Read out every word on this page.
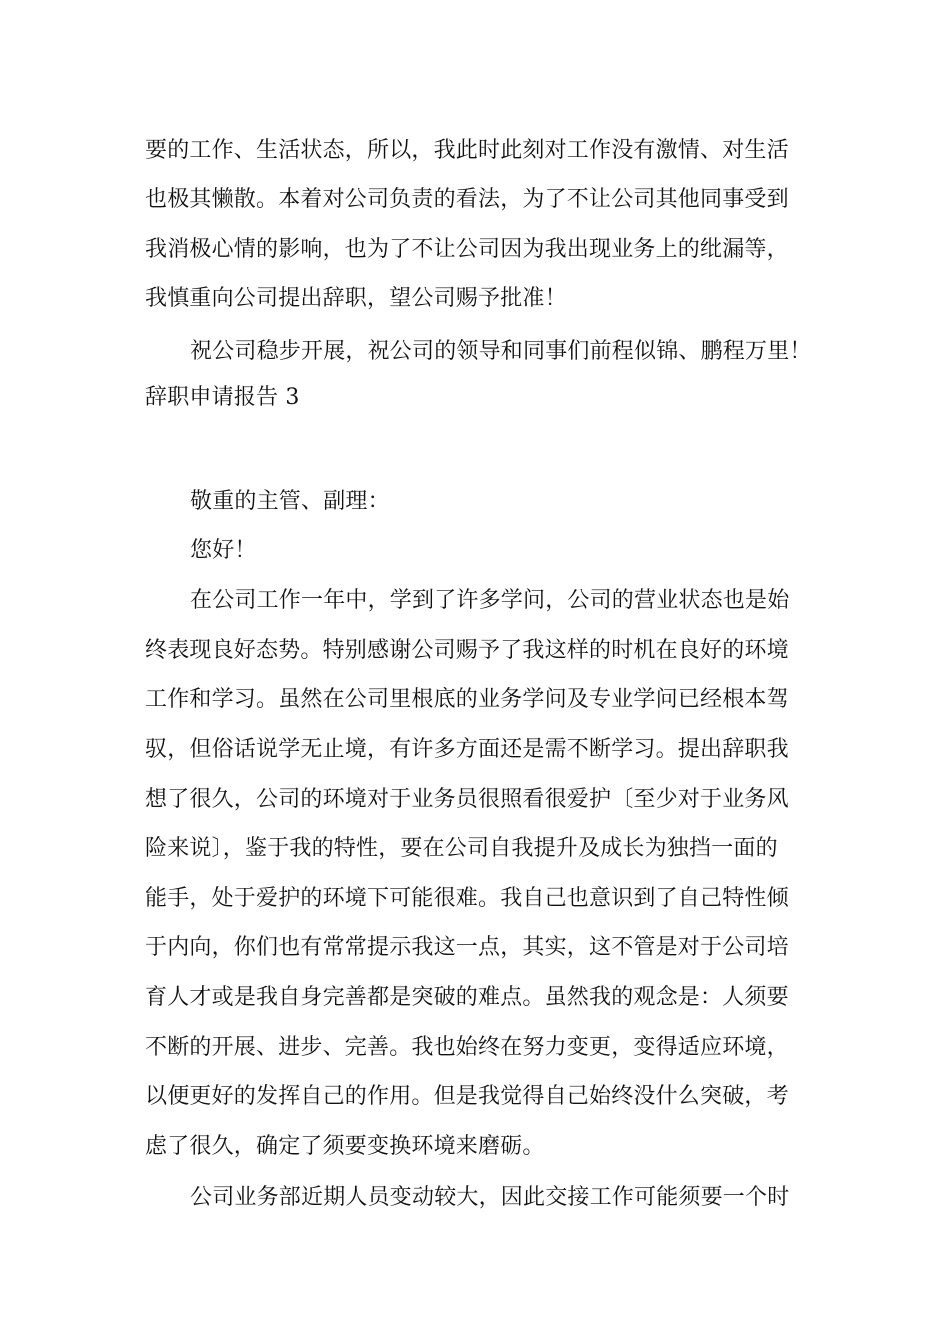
要的工作、生活状态，所以，我此时此刻对工作没有激情、对生活
也极其懒散。本着对公司负责的看法，为了不让公司其他同事受到
我消极心情的影响，也为了不让公司因为我出现业务上的纰漏等，
我慎重向公司提出辞职，望公司赐予批准！
祝公司稳步开展，祝公司的领导和同事们前程似锦、鹏程万里！
辞职申请报告 3
敬重的主管、副理：
您好！
在公司工作一年中，学到了许多学问，公司的营业状态也是始
终表现良好态势。特别感谢公司赐予了我这样的时机在良好的环境
工作和学习。虽然在公司里根底的业务学问及专业学问已经根本驾
驭，但俗话说学无止境，有许多方面还是需不断学习。提出辞职我
想了很久，公司的环境对于业务员很照看很爱护〔至少对于业务风
险来说〕，鉴于我的特性，要在公司自我提升及成长为独挡一面的
能手，处于爱护的环境下可能很难。我自己也意识到了自己特性倾
于内向，你们也有常常提示我这一点，其实，这不管是对于公司培
育人才或是我自身完善都是突破的难点。虽然我的观念是：人须要
不断的开展、进步、完善。我也始终在努力变更，变得适应环境，
以便更好的发挥自己的作用。但是我觉得自己始终没什么突破，考
虑了很久，确定了须要变换环境来磨砺。
公司业务部近期人员变动较大，因此交接工作可能须要一个时
